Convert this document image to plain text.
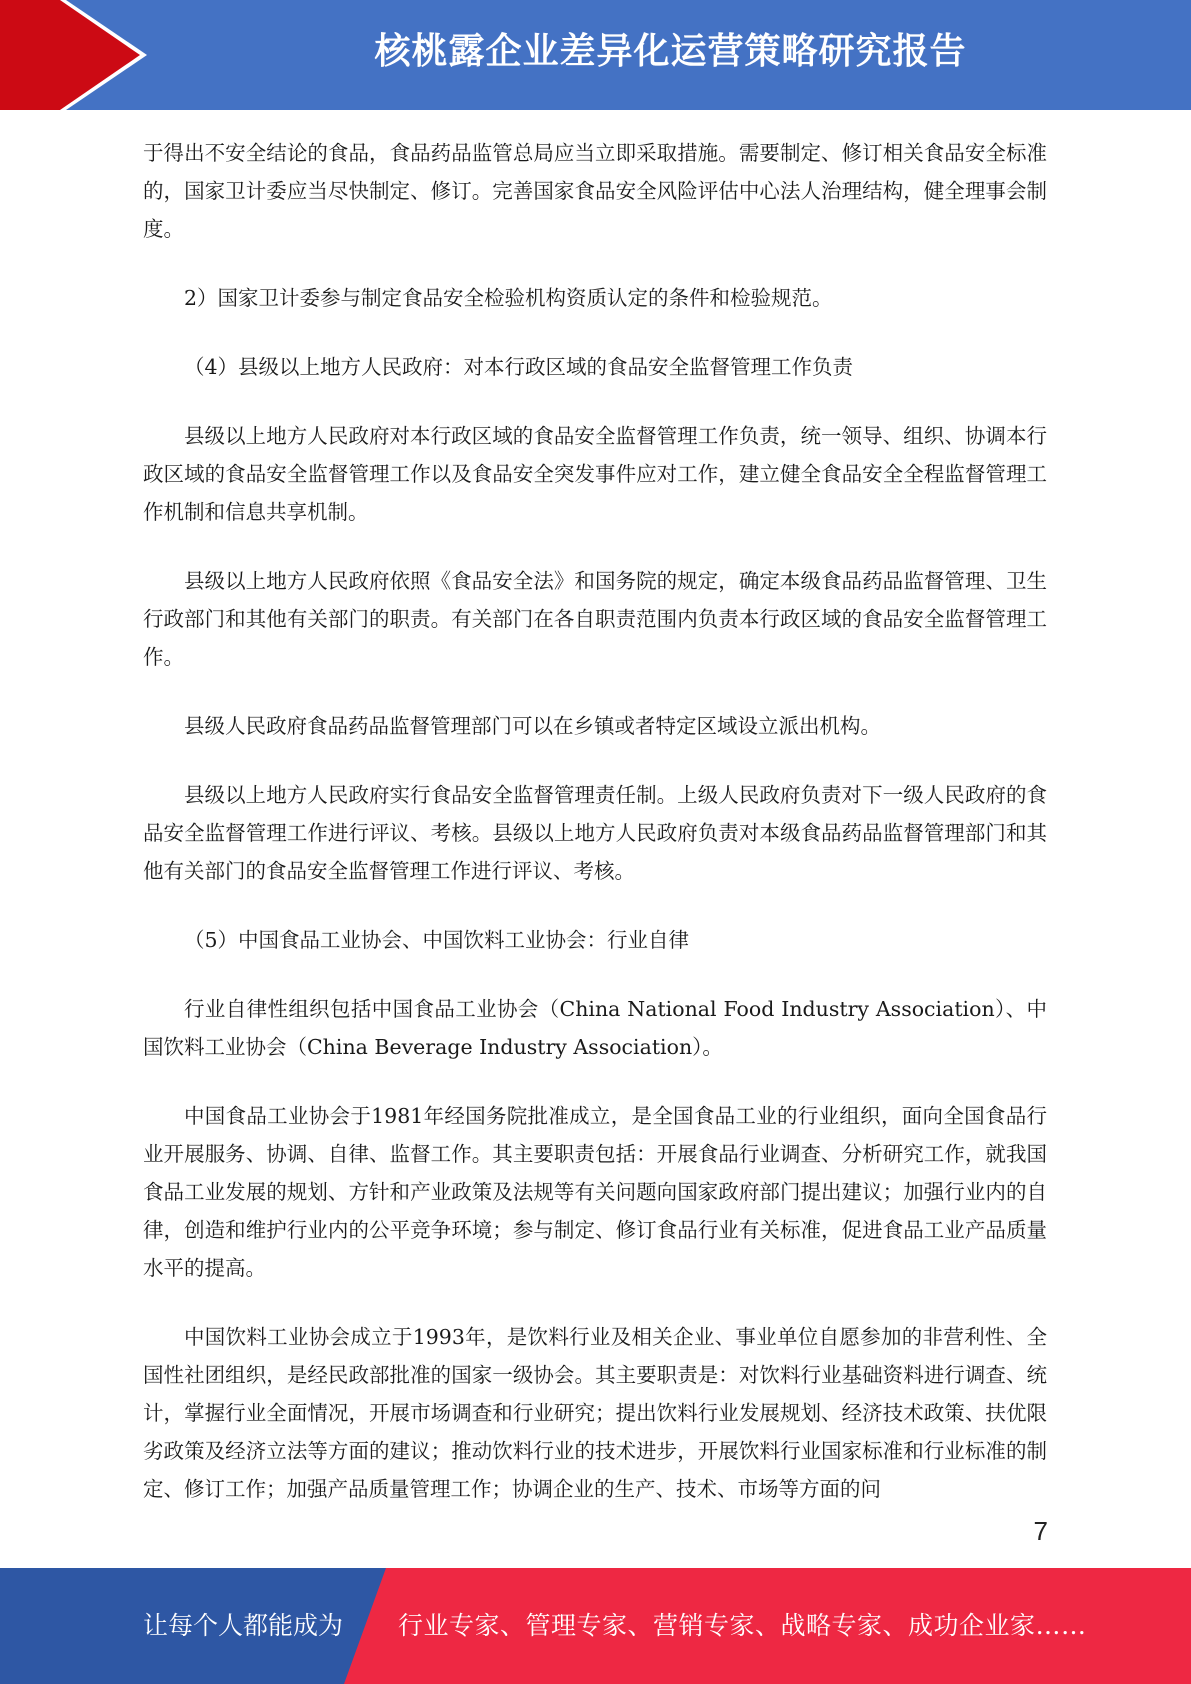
核桃露企业差异化运营策略研究报告

于得出不安全结论的食品，食品药品监管总局应当立即采取措施。需要制定、修订相关食品安全标准的，国家卫计委应当尽快制定、修订。完善国家食品安全风险评估中心法人治理结构，健全理事会制度。

2）国家卫计委参与制定食品安全检验机构资质认定的条件和检验规范。

（4）县级以上地方人民政府：对本行政区域的食品安全监督管理工作负责

县级以上地方人民政府对本行政区域的食品安全监督管理工作负责，统一领导、组织、协调本行政区域的食品安全监督管理工作以及食品安全突发事件应对工作，建立健全食品安全全程监督管理工作机制和信息共享机制。

县级以上地方人民政府依照《食品安全法》和国务院的规定，确定本级食品药品监督管理、卫生行政部门和其他有关部门的职责。有关部门在各自职责范围内负责本行政区域的食品安全监督管理工作。

县级人民政府食品药品监督管理部门可以在乡镇或者特定区域设立派出机构。

县级以上地方人民政府实行食品安全监督管理责任制。上级人民政府负责对下一级人民政府的食品安全监督管理工作进行评议、考核。县级以上地方人民政府负责对本级食品药品监督管理部门和其他有关部门的食品安全监督管理工作进行评议、考核。

（5）中国食品工业协会、中国饮料工业协会：行业自律

行业自律性组织包括中国食品工业协会（China National Food Industry Association）、中国饮料工业协会（China Beverage Industry Association）。

中国食品工业协会于1981年经国务院批准成立，是全国食品工业的行业组织，面向全国食品行业开展服务、协调、自律、监督工作。其主要职责包括：开展食品行业调查、分析研究工作，就我国食品工业发展的规划、方针和产业政策及法规等有关问题向国家政府部门提出建议；加强行业内的自律，创造和维护行业内的公平竞争环境；参与制定、修订食品行业有关标准，促进食品工业产品质量水平的提高。

中国饮料工业协会成立于1993年，是饮料行业及相关企业、事业单位自愿参加的非营利性、全国性社团组织，是经民政部批准的国家一级协会。其主要职责是：对饮料行业基础资料进行调查、统计，掌握行业全面情况，开展市场调查和行业研究；提出饮料行业发展规划、经济技术政策、扶优限劣政策及经济立法等方面的建议；推动饮料行业的技术进步，开展饮料行业国家标准和行业标准的制定、修订工作；加强产品质量管理工作；协调企业的生产、技术、市场等方面的问

7
让每个人都能成为 行业专家、管理专家、营销专家、战略专家、成功企业家……
